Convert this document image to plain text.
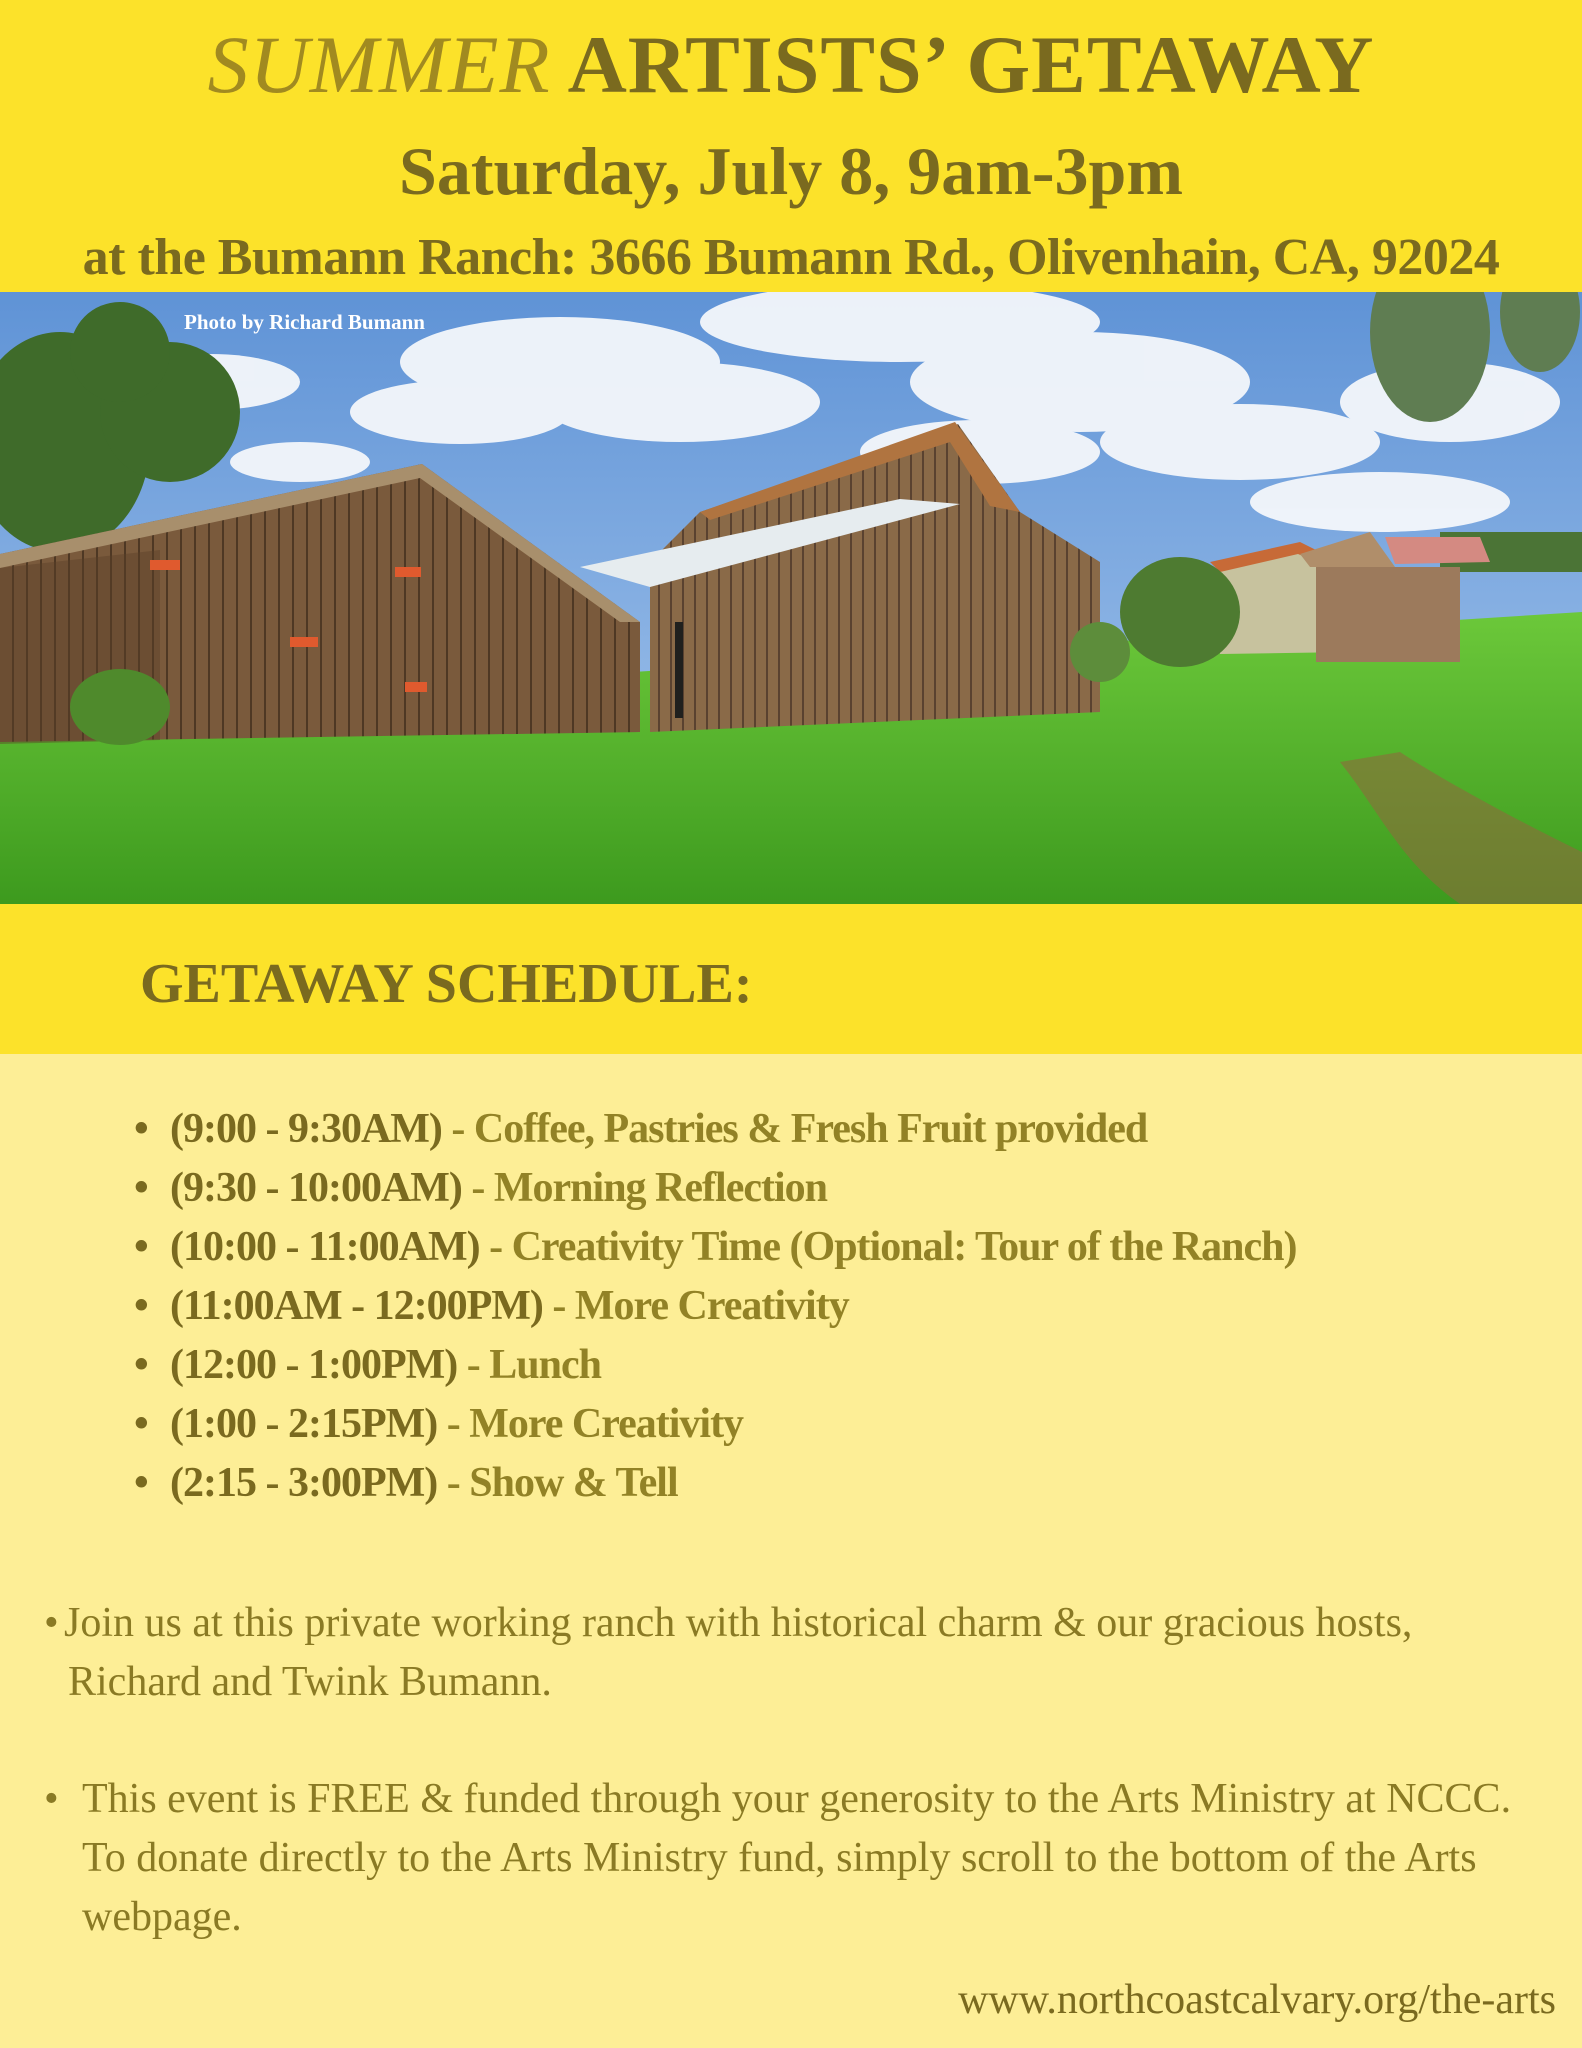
SUMMER ARTISTS’ GETAWAY
Saturday, July 8, 9am-3pm
at the Bumann Ranch: 3666 Bumann Rd., Olivenhain, CA, 92024
Photo by Richard Bumann
GETAWAY SCHEDULE:
• (9:00 - 9:30AM) - Coffee, Pastries & Fresh Fruit provided
• (9:30 - 10:00AM) - Morning Reflection
• (10:00 - 11:00AM) - Creativity Time (Optional: Tour of the Ranch)
• (11:00AM - 12:00PM) - More Creativity
• (12:00 - 1:00PM) - Lunch
• (1:00 - 2:15PM) - More Creativity
• (2:15 - 3:00PM) - Show & Tell
• Join us at this private working ranch with historical charm & our gracious hosts,
Richard and Twink Bumann.
• This event is FREE & funded through your generosity to the Arts Ministry at NCCC.
To donate directly to the Arts Ministry fund, simply scroll to the bottom of the Arts
webpage.
www.northcoastcalvary.org/the-arts
